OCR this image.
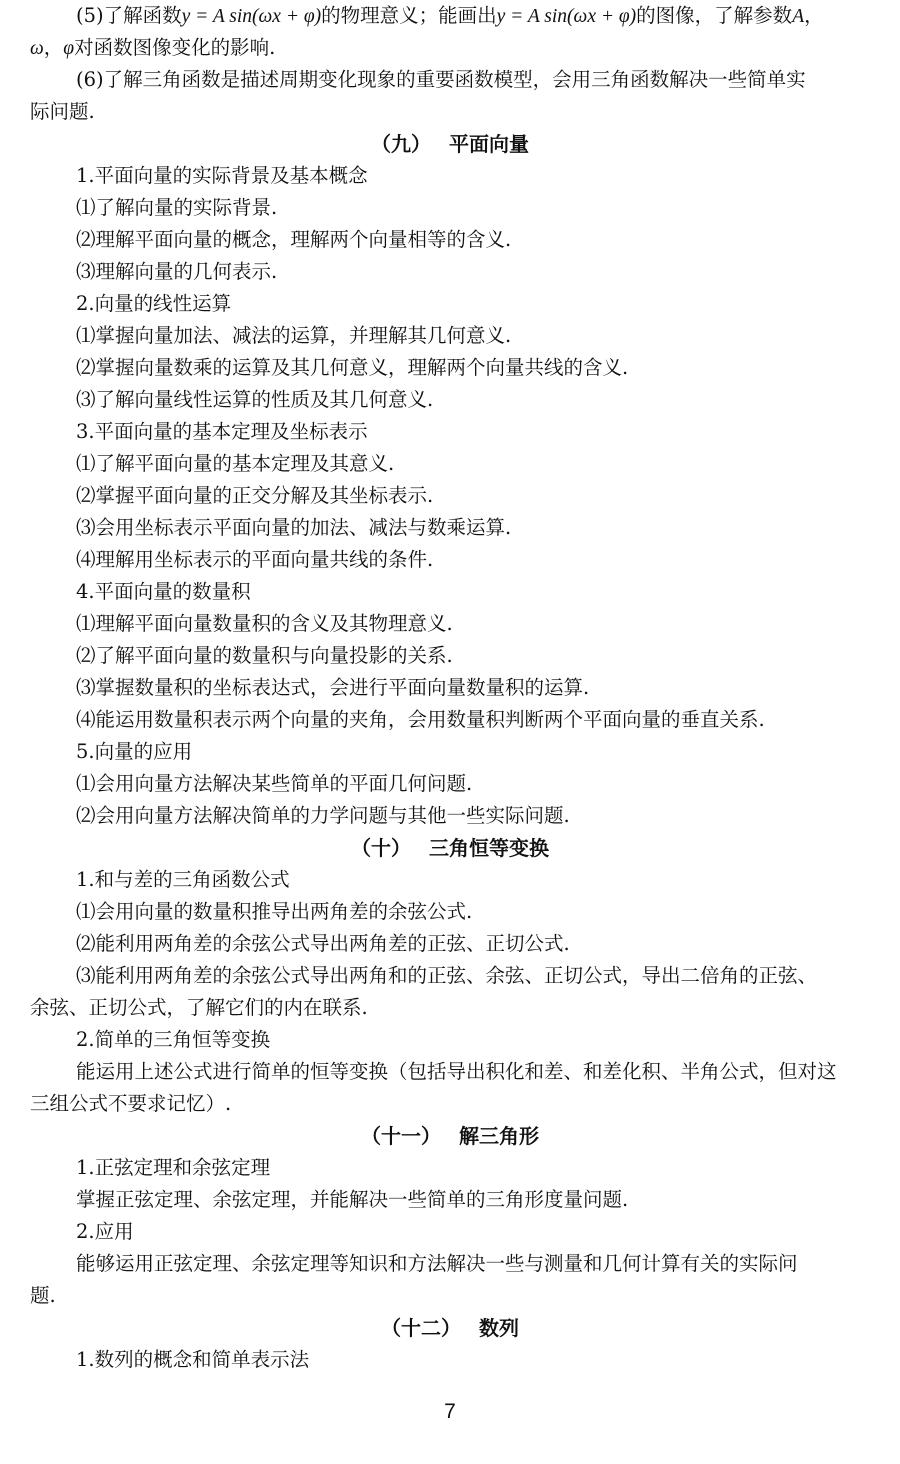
(5)了解函数y = A sin(ωx + φ)的物理意义；能画出y = A sin(ωx + φ)的图像，了解参数A，
ω，φ对函数图像变化的影响.
(6)了解三角函数是描述周期变化现象的重要函数模型，会用三角函数解决一些简单实
际问题.
（九） 平面向量
1.平面向量的实际背景及基本概念
⑴了解向量的实际背景.
⑵理解平面向量的概念，理解两个向量相等的含义.
⑶理解向量的几何表示.
2.向量的线性运算
⑴掌握向量加法、减法的运算，并理解其几何意义.
⑵掌握向量数乘的运算及其几何意义，理解两个向量共线的含义.
⑶了解向量线性运算的性质及其几何意义.
3.平面向量的基本定理及坐标表示
⑴了解平面向量的基本定理及其意义.
⑵掌握平面向量的正交分解及其坐标表示.
⑶会用坐标表示平面向量的加法、减法与数乘运算.
⑷理解用坐标表示的平面向量共线的条件.
4.平面向量的数量积
⑴理解平面向量数量积的含义及其物理意义.
⑵了解平面向量的数量积与向量投影的关系.
⑶掌握数量积的坐标表达式，会进行平面向量数量积的运算.
⑷能运用数量积表示两个向量的夹角，会用数量积判断两个平面向量的垂直关系.
5.向量的应用
⑴会用向量方法解决某些简单的平面几何问题.
⑵会用向量方法解决简单的力学问题与其他一些实际问题.
（十） 三角恒等变换
1.和与差的三角函数公式
⑴会用向量的数量积推导出两角差的余弦公式.
⑵能利用两角差的余弦公式导出两角差的正弦、正切公式.
⑶能利用两角差的余弦公式导出两角和的正弦、余弦、正切公式，导出二倍角的正弦、
余弦、正切公式，了解它们的内在联系.
2.简单的三角恒等变换
能运用上述公式进行简单的恒等变换（包括导出积化和差、和差化积、半角公式，但对这
三组公式不要求记忆）.
（十一） 解三角形
1.正弦定理和余弦定理
掌握正弦定理、余弦定理，并能解决一些简单的三角形度量问题.
2.应用
能够运用正弦定理、余弦定理等知识和方法解决一些与测量和几何计算有关的实际问
题.
（十二） 数列
1.数列的概念和简单表示法
7
